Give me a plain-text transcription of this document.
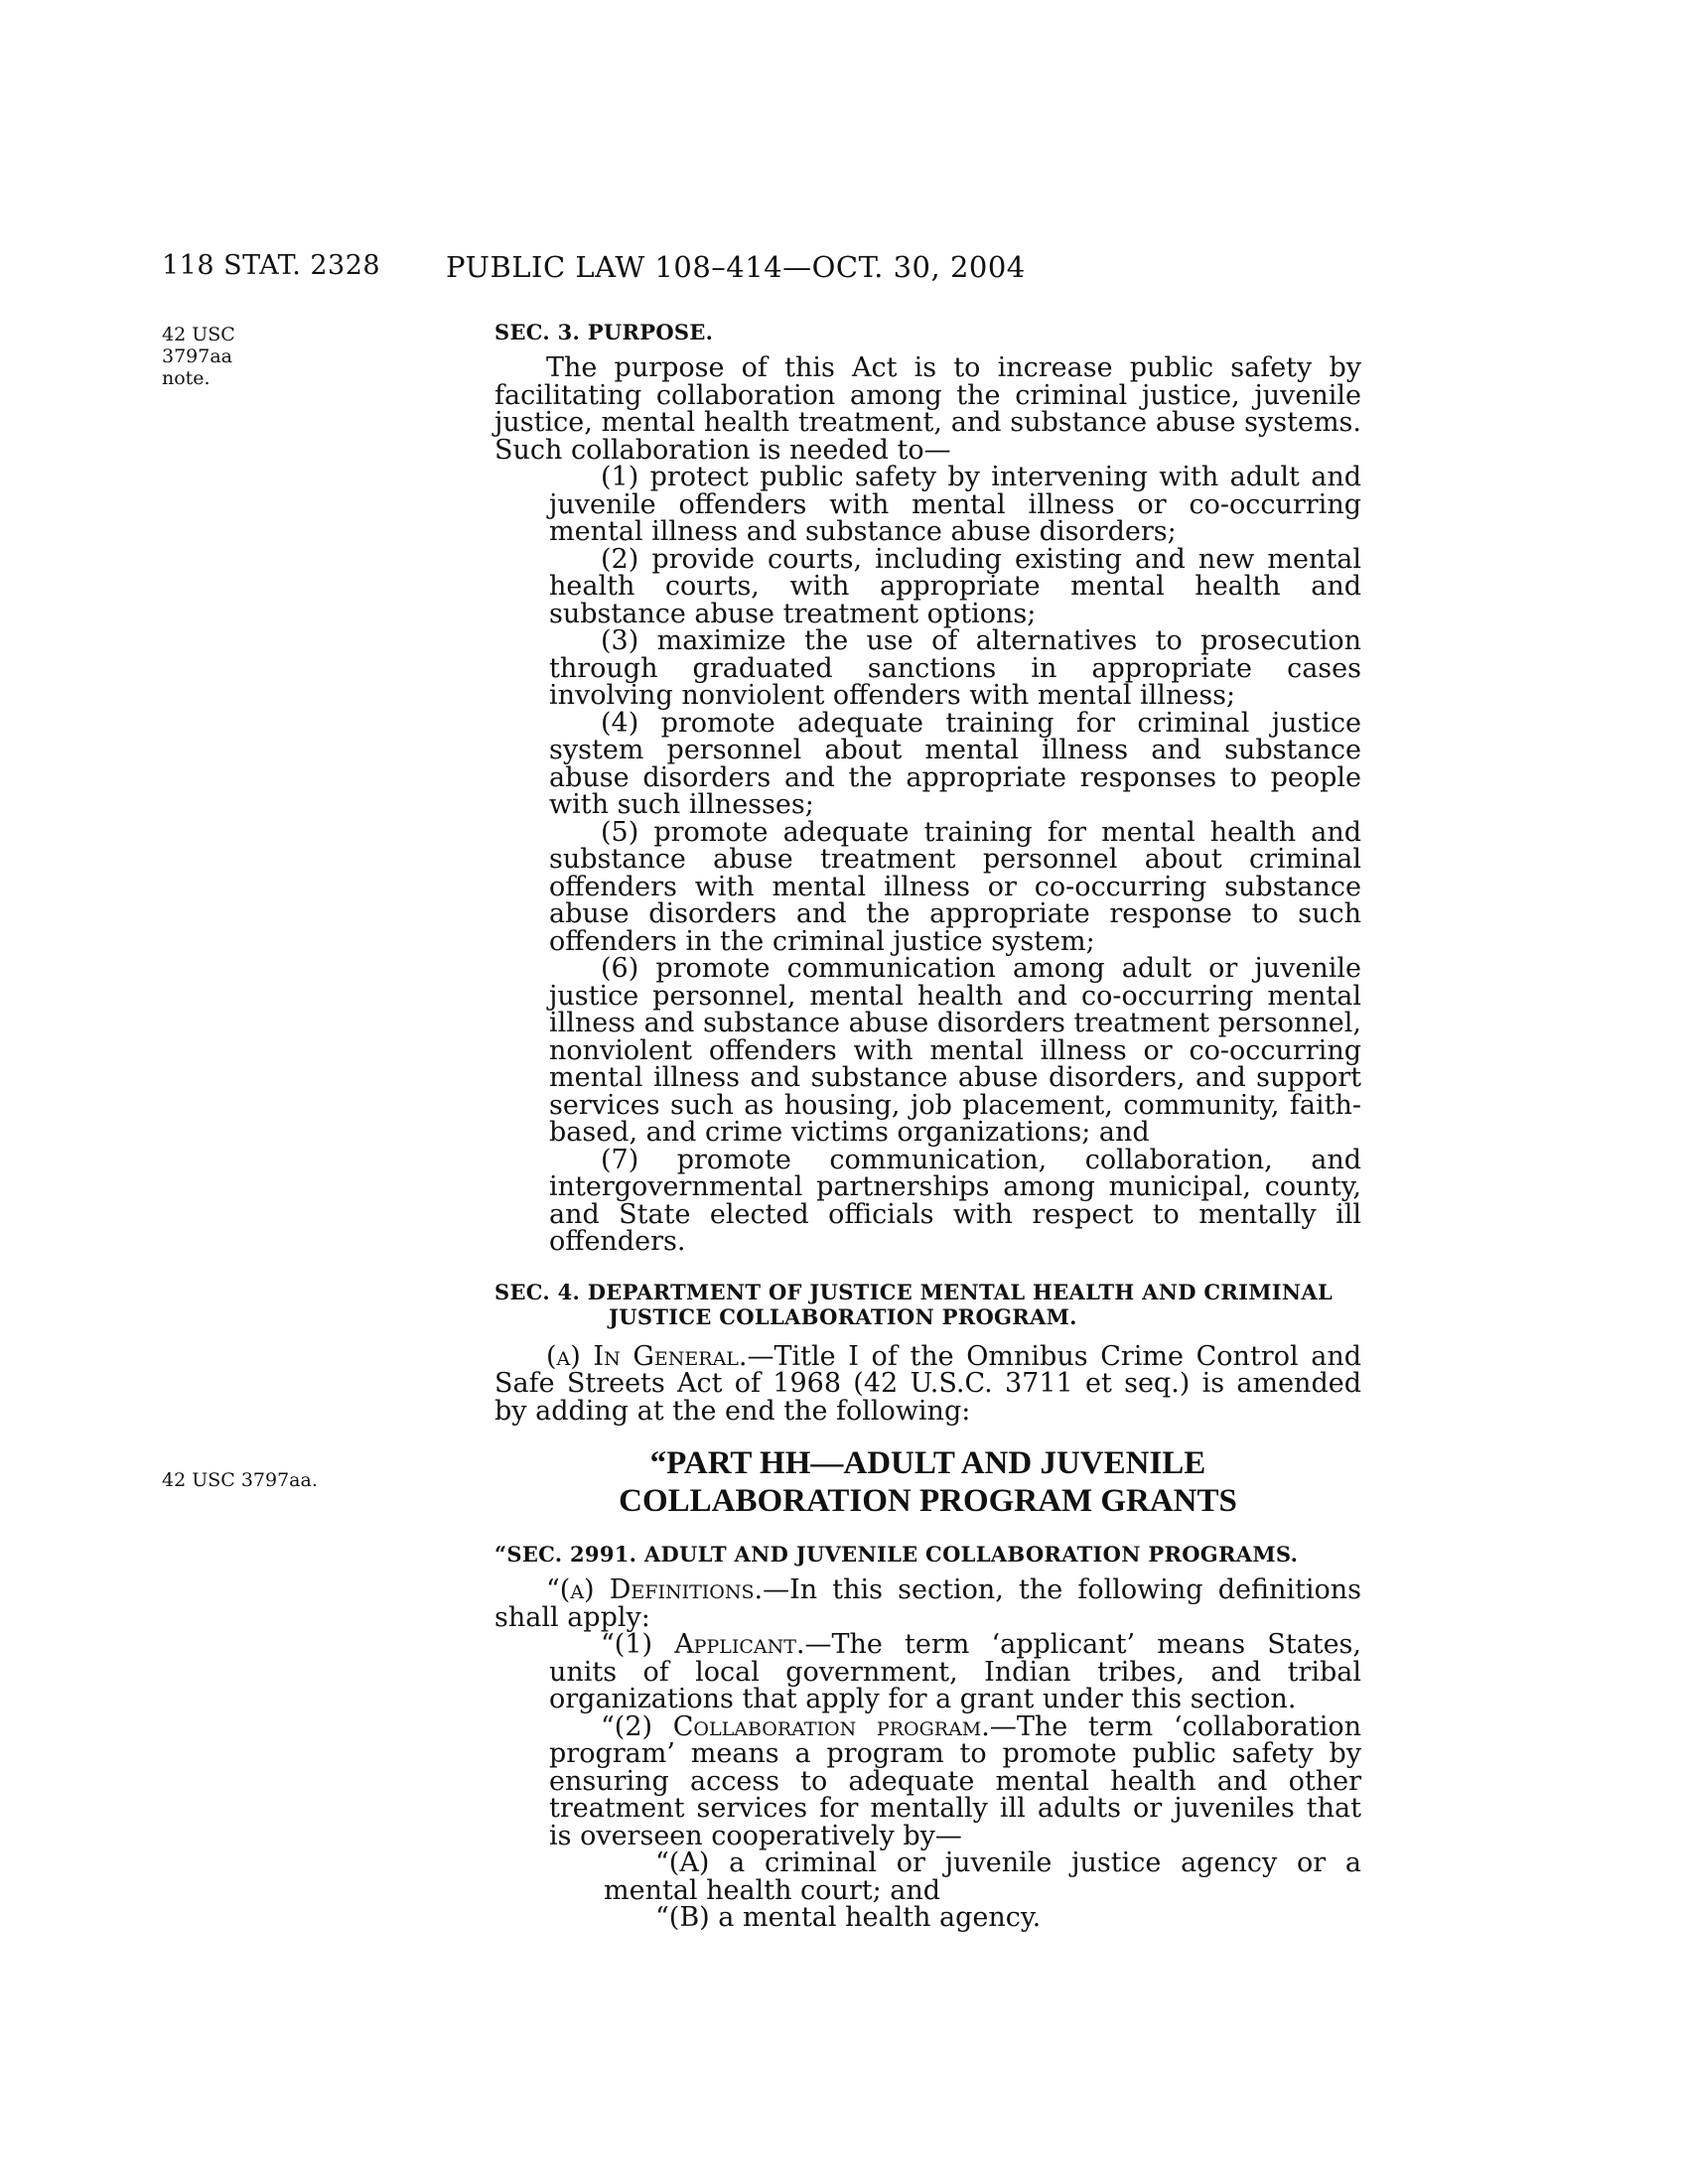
118 STAT. 2328 PUBLIC LAW 108–414—OCT. 30, 2004
42 USC 3797aa note.
42 USC 3797aa.
SEC. 3. PURPOSE.

The purpose of this Act is to increase public safety by facilitating collaboration among the criminal justice, juvenile justice, mental health treatment, and substance abuse systems. Such collaboration is needed to—

(1) protect public safety by intervening with adult and juvenile offenders with mental illness or co-occurring mental illness and substance abuse disorders;

(2) provide courts, including existing and new mental health courts, with appropriate mental health and substance abuse treatment options;

(3) maximize the use of alternatives to prosecution through graduated sanctions in appropriate cases involving nonviolent offenders with mental illness;

(4) promote adequate training for criminal justice system personnel about mental illness and substance abuse disorders and the appropriate responses to people with such illnesses;

(5) promote adequate training for mental health and substance abuse treatment personnel about criminal offenders with mental illness or co-occurring substance abuse disorders and the appropriate response to such offenders in the criminal justice system;

(6) promote communication among adult or juvenile justice personnel, mental health and co-occurring mental illness and substance abuse disorders treatment personnel, nonviolent offenders with mental illness or co-occurring mental illness and substance abuse disorders, and support services such as housing, job placement, community, faith-based, and crime victims organizations; and

(7) promote communication, collaboration, and intergovernmental partnerships among municipal, county, and State elected officials with respect to mentally ill offenders.

SEC. 4. DEPARTMENT OF JUSTICE MENTAL HEALTH AND CRIMINAL
JUSTICE COLLABORATION PROGRAM.

(a) In General.—Title I of the Omnibus Crime Control and Safe Streets Act of 1968 (42 U.S.C. 3711 et seq.) is amended by adding at the end the following:

“PART HH—ADULT AND JUVENILE
COLLABORATION PROGRAM GRANTS
“SEC. 2991. ADULT AND JUVENILE COLLABORATION PROGRAMS.

“(a) Definitions.—In this section, the following definitions shall apply:

“(1) Applicant.—The term ‘applicant’ means States, units of local government, Indian tribes, and tribal organizations that apply for a grant under this section.

“(2) Collaboration program.—The term ‘collaboration program’ means a program to promote public safety by ensuring access to adequate mental health and other treatment services for mentally ill adults or juveniles that is overseen cooperatively by—

“(A) a criminal or juvenile justice agency or a mental health court; and

“(B) a mental health agency.
